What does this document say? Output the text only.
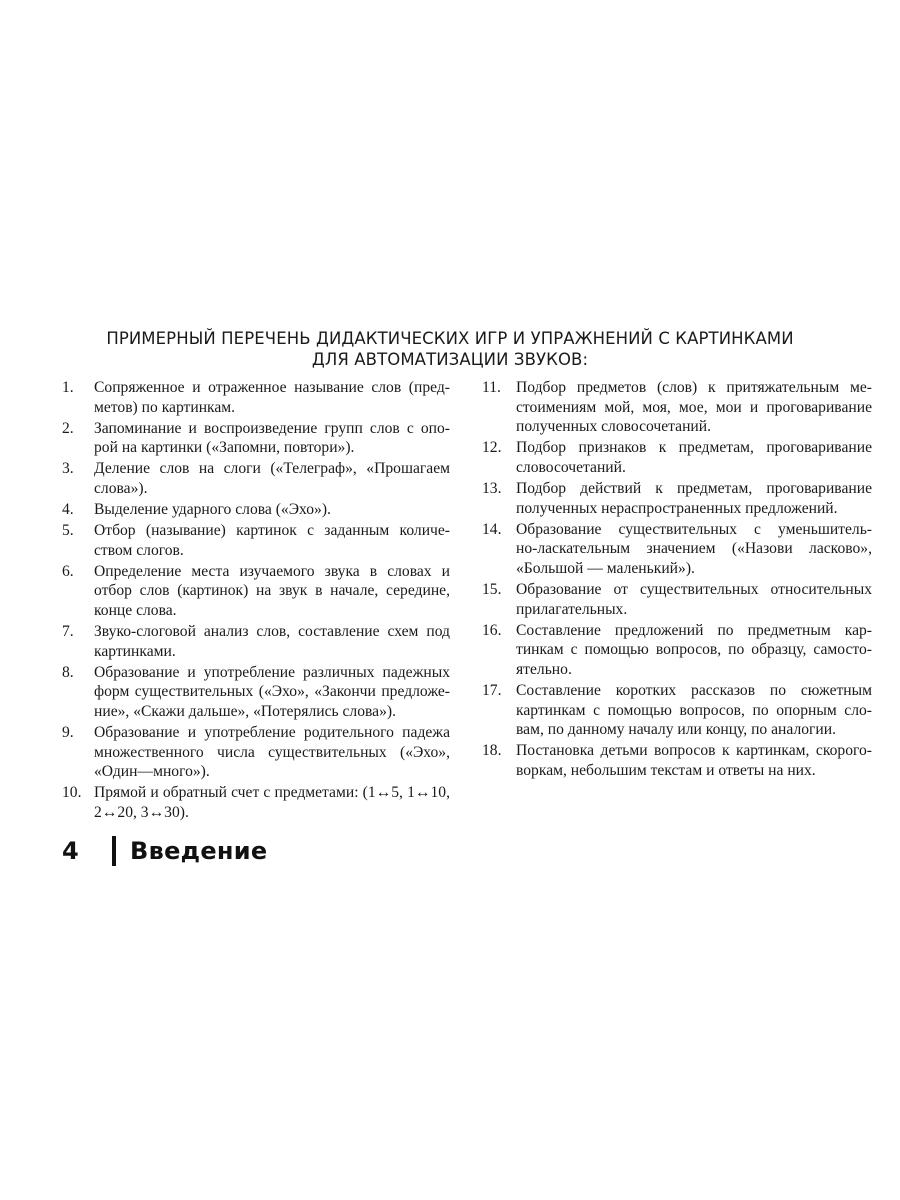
ПРИМЕРНЫЙ ПЕРЕЧЕНЬ ДИДАКТИЧЕСКИХ ИГР И УПРАЖНЕНИЙ С КАРТИНКАМИ
ДЛЯ АВТОМАТИЗАЦИИ ЗВУКОВ:
1.	Сопряженное и отраженное называние слов (пред-
метов) по картинкам.
2.	Запоминание и воспроизведение групп слов с опо-
рой на картинки («Запомни, повтори»).
3.	Деление слов на слоги («Телеграф», «Прошагаем
слова»).
4.	Выделение ударного слова («Эхо»).
5.	Отбор (называние) картинок с заданным количе-
ством слогов.
6.	Определение места изучаемого звука в словах и
отбор слов (картинок) на звук в начале, середине,
конце слова.
7.	Звуко-слоговой анализ слов, составление схем под
картинками.
8.	Образование и употребление различных падежных
форм существительных («Эхо», «Закончи предложе-
ние», «Скажи дальше», «Потерялись слова»).
9.	Образование и употребление родительного падежа
множественного числа существительных («Эхо»,
«Один—много»).
10. Прямой и обратный счет с предметами: (1↔5, 1↔10,
2↔20, 3↔30).
11. Подбор предметов (слов) к притяжательным ме-
стоимениям мой, моя, мое, мои и проговаривание
полученных словосочетаний.
12. Подбор признаков к предметам, проговаривание
словосочетаний.
13. Подбор действий к предметам, проговаривание
полученных нераспространенных предложений.
14. Образование существительных с уменьшитель-
но-ласкательным значением («Назови ласково»,
«Большой — маленький»).
15. Образование от существительных относительных
прилагательных.
16. Составление предложений по предметным кар-
тинкам с помощью вопросов, по образцу, самосто-
ятельно.
17. Составление коротких рассказов по сюжетным
картинкам с помощью вопросов, по опорным сло-
вам, по данному началу или концу, по аналогии.
18. Постановка детьми вопросов к картинкам, скорого-
воркам, небольшим текстам и ответы на них.
4	Введение
